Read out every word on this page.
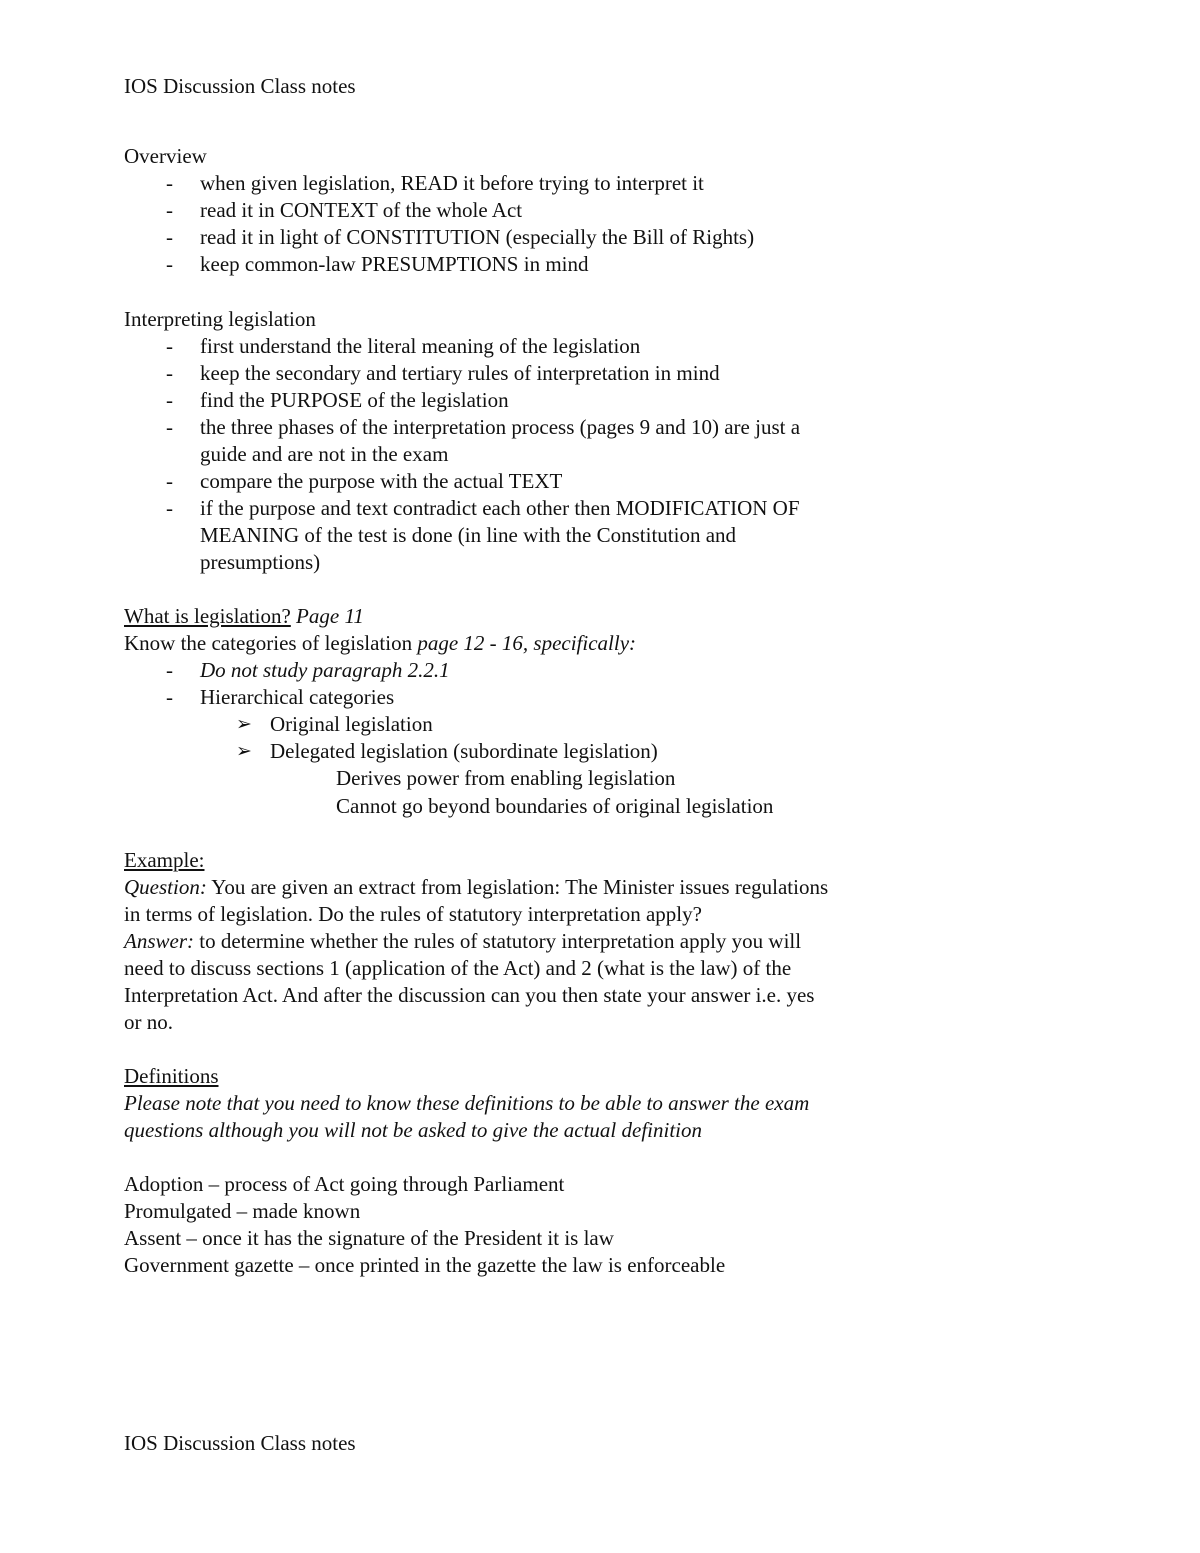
IOS Discussion Class notes
Overview
- when given legislation, READ it before trying to interpret it
- read it in CONTEXT of the whole Act
- read it in light of CONSTITUTION (especially the Bill of Rights)
- keep common-law PRESUMPTIONS in mind
Interpreting legislation
- first understand the literal meaning of the legislation
- keep the secondary and tertiary rules of interpretation in mind
- find the PURPOSE of the legislation
- the three phases of the interpretation process (pages 9 and 10) are just a
guide and are not in the exam
- compare the purpose with the actual TEXT
- if the purpose and text contradict each other then MODIFICATION OF
MEANING of the test is done (in line with the Constitution and
presumptions)
What is legislation? Page 11
Know the categories of legislation page 12 - 16, specifically:
- Do not study paragraph 2.2.1
- Hierarchical categories
➢ Original legislation
➢ Delegated legislation (subordinate legislation)
Derives power from enabling legislation
Cannot go beyond boundaries of original legislation
Example:
Question: You are given an extract from legislation: The Minister issues regulations
in terms of legislation. Do the rules of statutory interpretation apply?
Answer: to determine whether the rules of statutory interpretation apply you will
need to discuss sections 1 (application of the Act) and 2 (what is the law) of the
Interpretation Act. And after the discussion can you then state your answer i.e. yes
or no.
Definitions
Please note that you need to know these definitions to be able to answer the exam
questions although you will not be asked to give the actual definition
Adoption – process of Act going through Parliament
Promulgated – made known
Assent – once it has the signature of the President it is law
Government gazette – once printed in the gazette the law is enforceable
IOS Discussion Class notes
